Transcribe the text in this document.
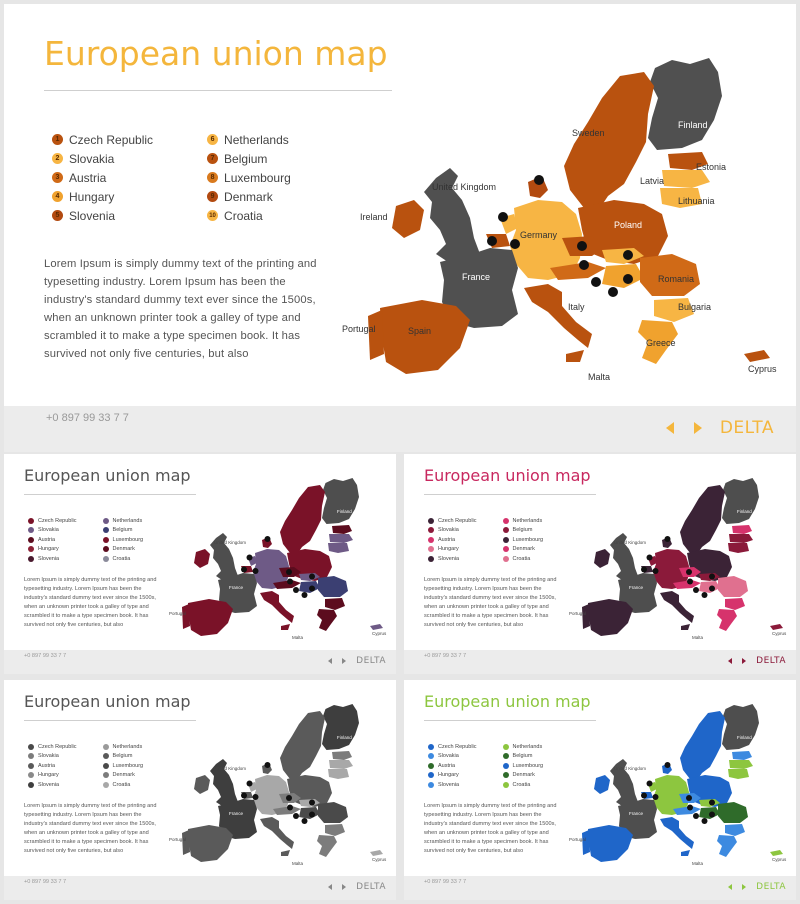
European union map
1 Czech Republic
2 Slovakia
3 Austria
4 Hungary
5 Slovenia
6 Netherlands
7 Belgium
8 Luxembourg
9 Denmark
10 Croatia
Lorem Ipsum is simply dummy text of the printing and typesetting industry. Lorem Ipsum has been the industry's standard dummy text ever since the 1500s, when an unknown printer took a galley of type and scrambled it to make a type specimen book. It has survived not only five centuries, but also
Finland
Sweden
Estonia
Latvia
Lithuania
United Kingdom
Ireland
Germany
Poland
France	Romania
Bulgaria
Italy
Greece
Spain
Portugal
Malta
Cyprus
+0 897 99 33 7 7	DELTA
European union map
Czech Republic
Slovakia
Austria
Hungary
Slovenia
Netherlands
Belgium
Luxembourg
Denmark
Croatia
Lorem Ipsum is simply dummy text of the printing and typesetting industry. Lorem Ipsum has been the industry's standard dummy text ever since the 1500s, when an unknown printer took a galley of type and scrambled it to make a type specimen book. It has survived not only five centuries, but also
Finland
United Kingdom
France
Portugal
Malta
Cyprus
+0 897 99 33 7 7	DELTA
European union map
Czech Republic
Slovakia
Austria
Hungary
Slovenia
Netherlands
Belgium
Luxembourg
Denmark
Croatia
Lorem Ipsum is simply dummy text of the printing and typesetting industry. Lorem Ipsum has been the industry's standard dummy text ever since the 1500s, when an unknown printer took a galley of type and scrambled it to make a type specimen book. It has survived not only five centuries, but also
Finland
United Kingdom
France
Portugal
Malta
Cyprus
+0 897 99 33 7 7	DELTA
European union map
Czech Republic
Slovakia
Austria
Hungary
Slovenia
Netherlands
Belgium
Luxembourg
Denmark
Croatia
Lorem Ipsum is simply dummy text of the printing and typesetting industry. Lorem Ipsum has been the industry's standard dummy text ever since the 1500s, when an unknown printer took a galley of type and scrambled it to make a type specimen book. It has survived not only five centuries, but also
Finland
United Kingdom
France
Portugal
Malta
Cyprus
+0 897 99 33 7 7	DELTA
European union map
Czech Republic
Slovakia
Austria
Hungary
Slovenia
Netherlands
Belgium
Luxembourg
Denmark
Croatia
Lorem Ipsum is simply dummy text of the printing and typesetting industry. Lorem Ipsum has been the industry's standard dummy text ever since the 1500s, when an unknown printer took a galley of type and scrambled it to make a type specimen book. It has survived not only five centuries, but also
Finland
United Kingdom
France
Portugal
Malta
Cyprus
+0 897 99 33 7 7	DELTA
